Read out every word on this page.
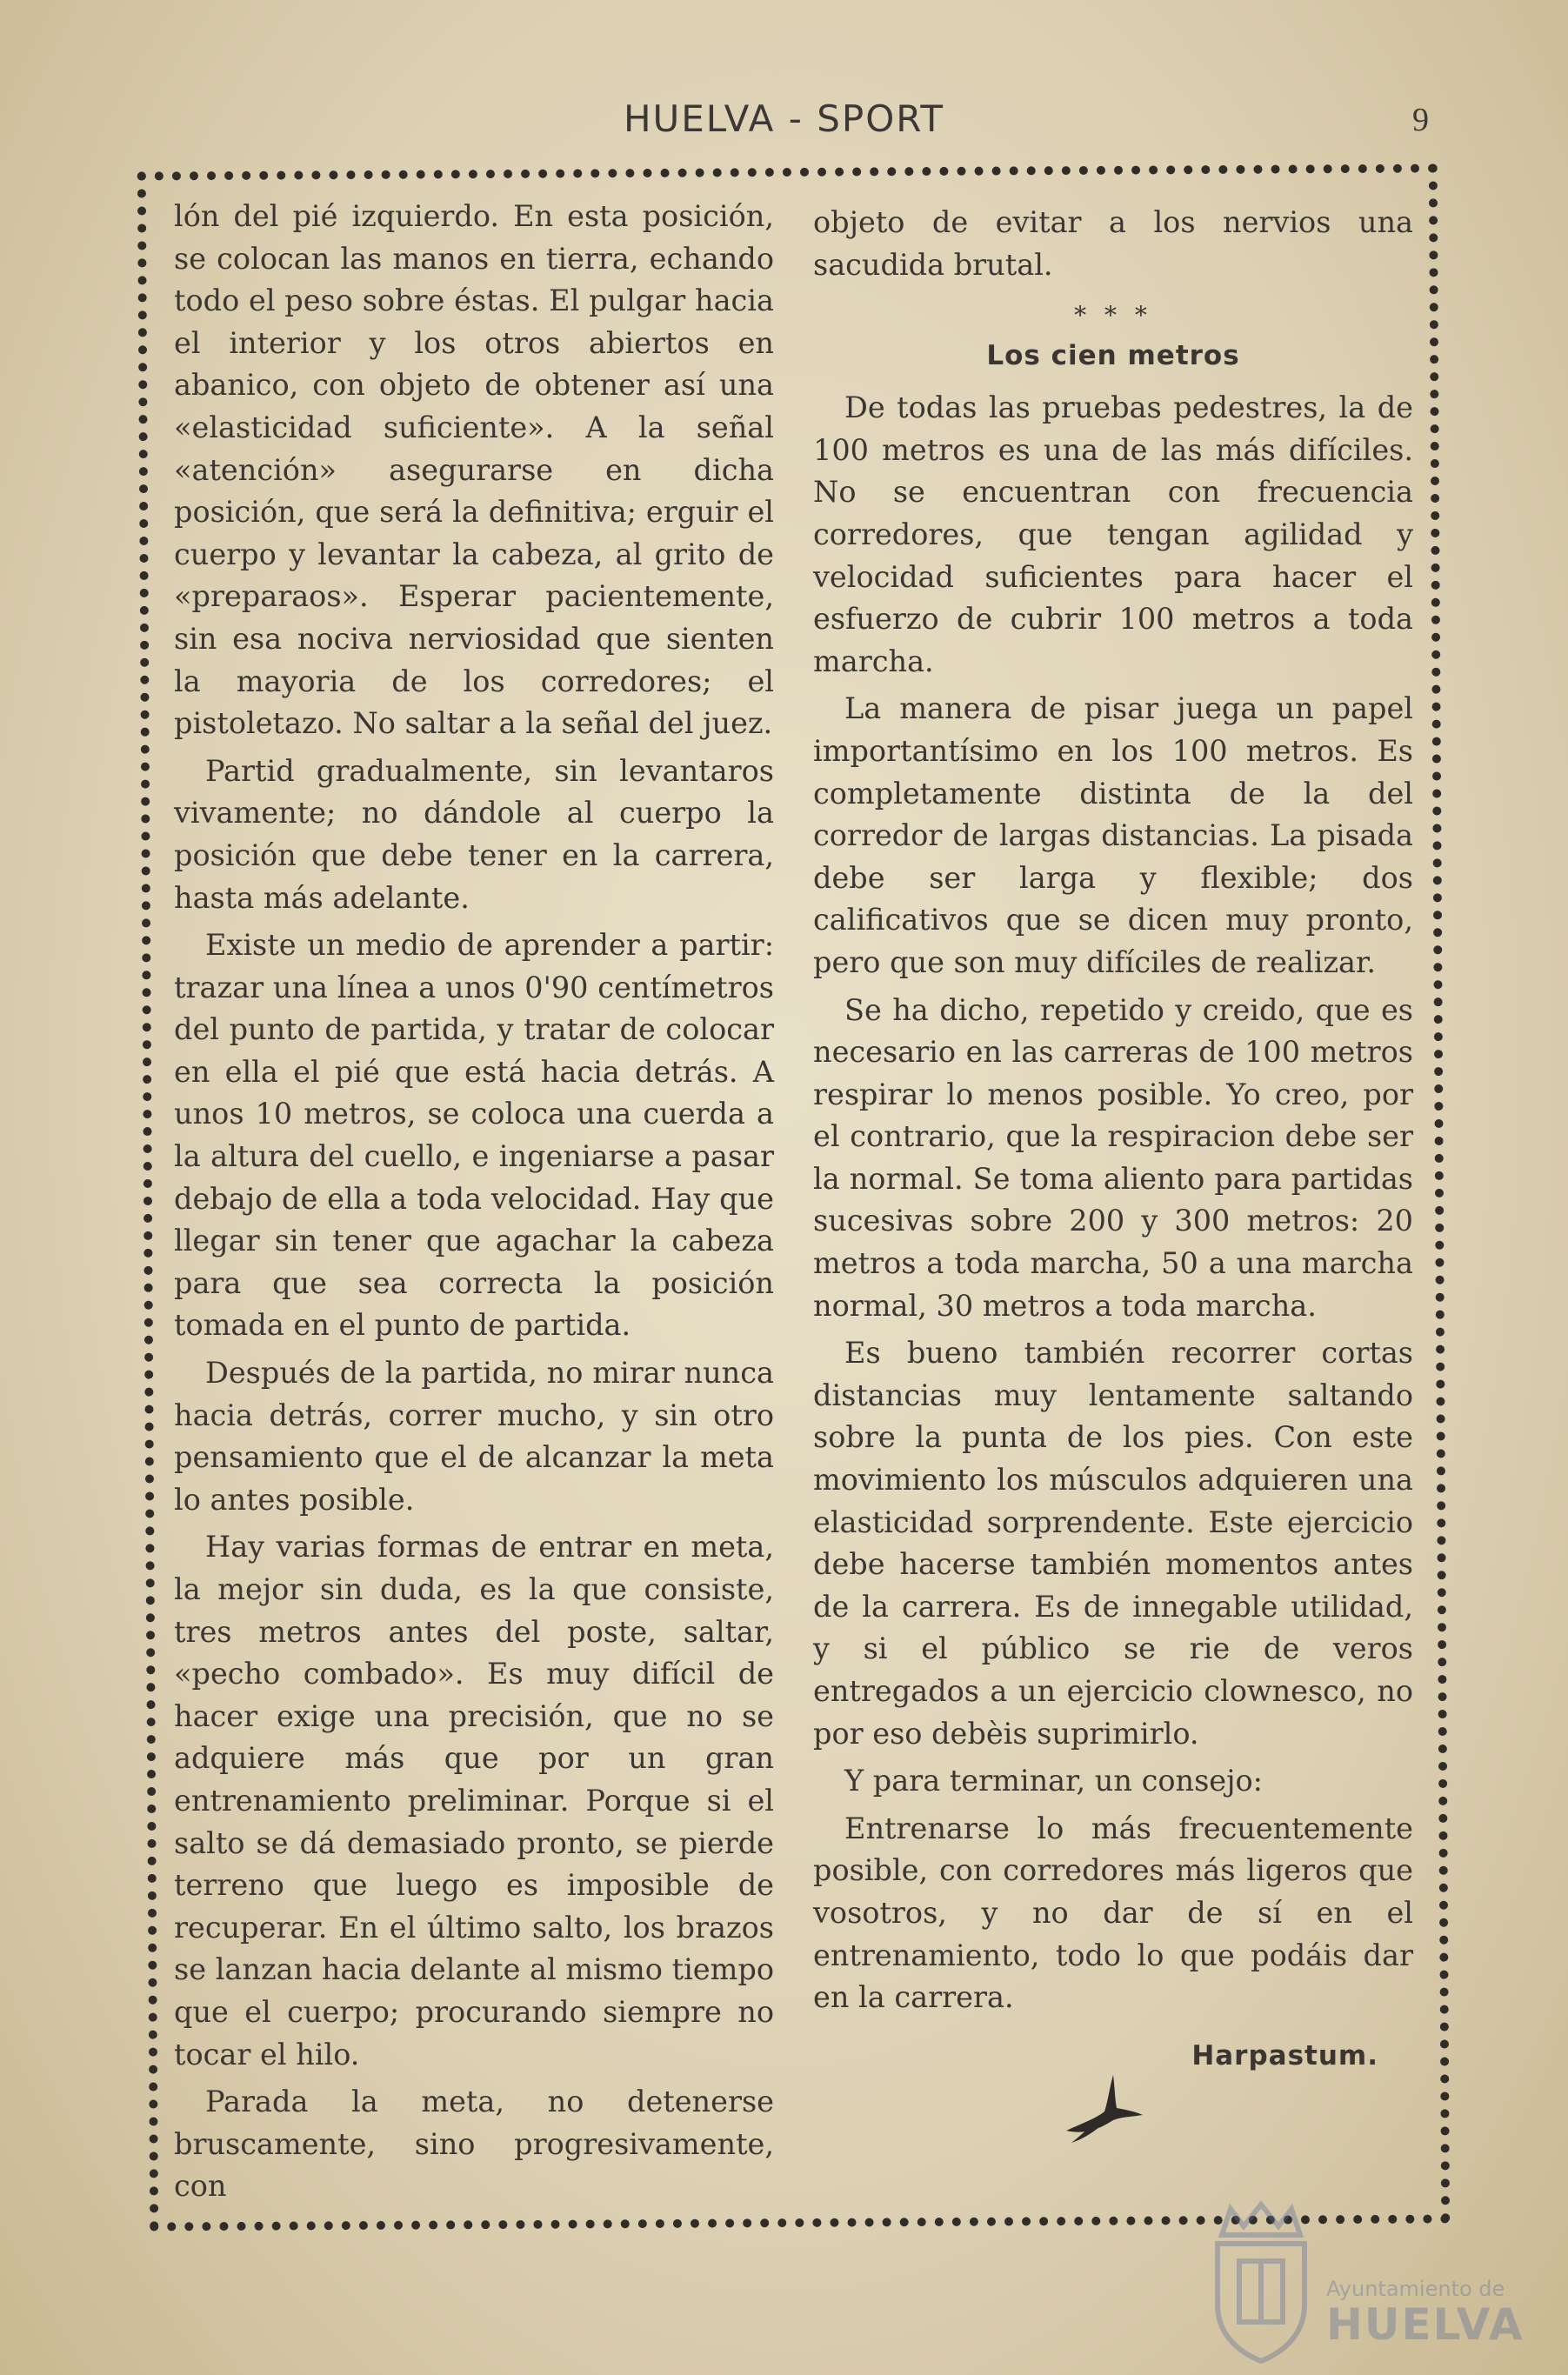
HUELVA - SPORT	9

lón del pié izquierdo. En esta posición, se colocan las manos en tierra, echando todo el peso sobre éstas. El pulgar hacia el interior y los otros abiertos en abanico, con objeto de obtener así una «elasticidad suficiente». A la señal «atención» asegurarse en dicha posición, que será la definitiva; erguir el cuerpo y levantar la cabeza, al grito de «preparaos». Esperar pacientemente, sin esa nociva nerviosidad que sienten la mayoria de los corredores; el pistoletazo. No saltar a la señal del juez.

Partid gradualmente, sin levantaros vivamente; no dándole al cuerpo la posición que debe tener en la carrera, hasta más adelante.

Existe un medio de aprender a partir: trazar una línea a unos 0'90 centímetros del punto de partida, y tratar de colocar en ella el pié que está hacia detrás. A unos 10 metros, se coloca una cuerda a la altura del cuello, e ingeniarse a pasar debajo de ella a toda velocidad. Hay que llegar sin tener que agachar la cabeza para que sea correcta la posición tomada en el punto de partida.

Después de la partida, no mirar nunca hacia detrás, correr mucho, y sin otro pensamiento que el de alcanzar la meta lo antes posible.

Hay varias formas de entrar en meta, la mejor sin duda, es la que consiste, tres metros antes del poste, saltar, «pecho combado». Es muy difícil de hacer exige una precisión, que no se adquiere más que por un gran entrenamiento preliminar. Porque si el salto se dá demasiado pronto, se pierde terreno que luego es imposible de recuperar. En el último salto, los brazos se lanzan hacia delante al mismo tiempo que el cuerpo; procurando siempre no tocar el hilo.

Parada la meta, no detenerse bruscamente, sino progresivamente, con

objeto de evitar a los nervios una sacudida brutal.

* * *
Los cien metros

De todas las pruebas pedestres, la de 100 metros es una de las más difíciles. No se encuentran con frecuencia corredores, que tengan agilidad y velocidad suficientes para hacer el esfuerzo de cubrir 100 metros a toda marcha.

La manera de pisar juega un papel importantísimo en los 100 metros. Es completamente distinta de la del corredor de largas distancias. La pisada debe ser larga y flexible; dos calificativos que se dicen muy pronto, pero que son muy difíciles de realizar.

Se ha dicho, repetido y creido, que es necesario en las carreras de 100 metros respirar lo menos posible. Yo creo, por el contrario, que la respiracion debe ser la normal. Se toma aliento para partidas sucesivas sobre 200 y 300 metros: 20 metros a toda marcha, 50 a una marcha normal, 30 metros a toda marcha.

Es bueno también recorrer cortas distancias muy lentamente saltando sobre la punta de los pies. Con este movimiento los músculos adquieren una elasticidad sorprendente. Este ejercicio debe hacerse también momentos antes de la carrera. Es de innegable utilidad, y si el público se rie de veros entregados a un ejercicio clownesco, no por eso debèis suprimirlo.

Y para terminar, un consejo:

Entrenarse lo más frecuentemente posible, con corredores más ligeros que vosotros, y no dar de sí en el entrenamiento, todo lo que podáis dar en la carrera.

Harpastum.
Ayuntamiento de
HUELVA
